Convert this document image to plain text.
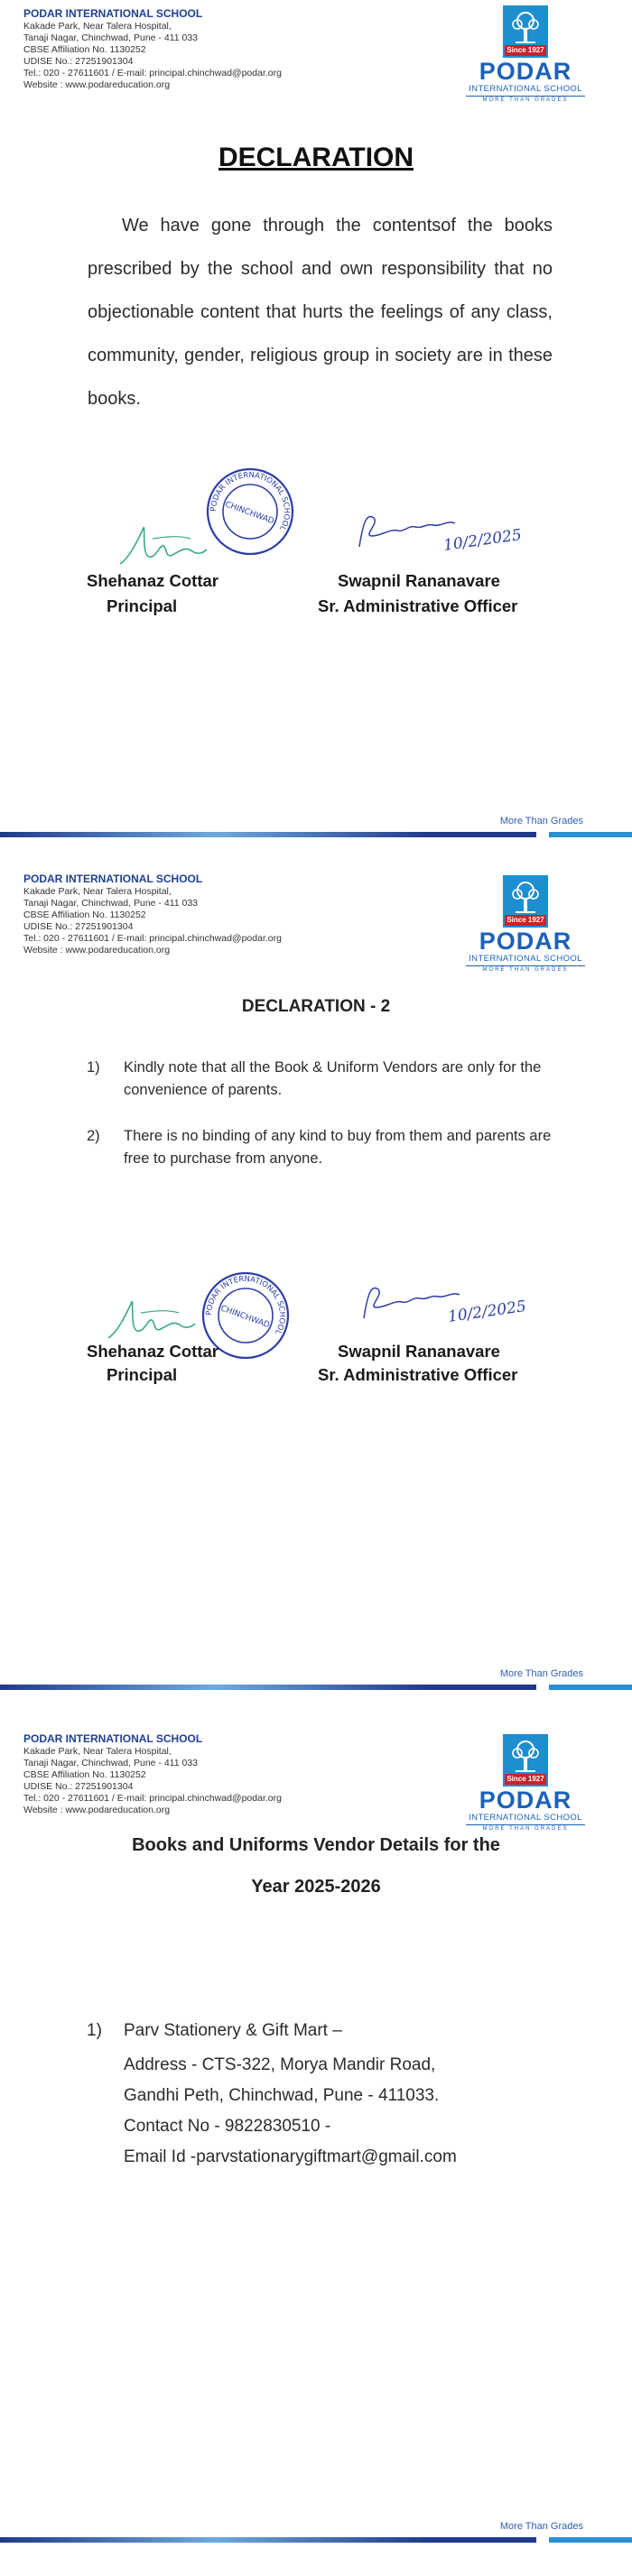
PODAR INTERNATIONAL SCHOOL
Kakade Park, Near Talera Hospital,
Tanaji Nagar, Chinchwad, Pune - 411 033
CBSE Affiliation No. 1130252
UDISE No.: 27251901304
Tel.: 020 - 27611601 / E-mail: principal.chinchwad@podar.org
Website : www.podareducation.org
Since 1927
PODAR
INTERNATIONAL SCHOOL
MORE THAN GRADES
DECLARATION
We have gone through the contentsof the books prescribed by the school and own responsibility that no objectionable content that hurts the feelings of any class, community, gender, religious group in society are in these books.
PODAR INTERNATIONAL SCHOOL
CHINCHWAD
10/2/2025
Shehanaz Cottar
Principal
Swapnil Rananavare
Sr. Administrative Officer
More Than Grades
PODAR INTERNATIONAL SCHOOL
Kakade Park, Near Talera Hospital,
Tanaji Nagar, Chinchwad, Pune - 411 033
CBSE Affiliation No. 1130252
UDISE No.: 27251901304
Tel.: 020 - 27611601 / E-mail: principal.chinchwad@podar.org
Website : www.podareducation.org
Since 1927
PODAR
INTERNATIONAL SCHOOL
MORE THAN GRADES
DECLARATION - 2
1)	Kindly note that all the Book & Uniform Vendors are only for the convenience of parents.
2)	There is no binding of any kind to buy from them and parents are free to purchase from anyone.
PODAR INTERNATIONAL SCHOOL
CHINCHWAD	10/2/2025
Shehanaz Cottar
Principal
Swapnil Rananavare
Sr. Administrative Officer
More Than Grades
PODAR INTERNATIONAL SCHOOL
Kakade Park, Near Talera Hospital,
Tanaji Nagar, Chinchwad, Pune - 411 033
CBSE Affiliation No. 1130252
UDISE No.: 27251901304
Tel.: 020 - 27611601 / E-mail: principal.chinchwad@podar.org
Website : www.podareducation.org
Since 1927
PODAR
INTERNATIONAL SCHOOL
MORE THAN GRADES
Books and Uniforms Vendor Details for the
Year 2025-2026
1)	Parv Stationery & Gift Mart –
Address - CTS-322, Morya Mandir Road,
Gandhi Peth, Chinchwad, Pune - 411033.
Contact No - 9822830510 -
Email Id -parvstationarygiftmart@gmail.com
More Than Grades
